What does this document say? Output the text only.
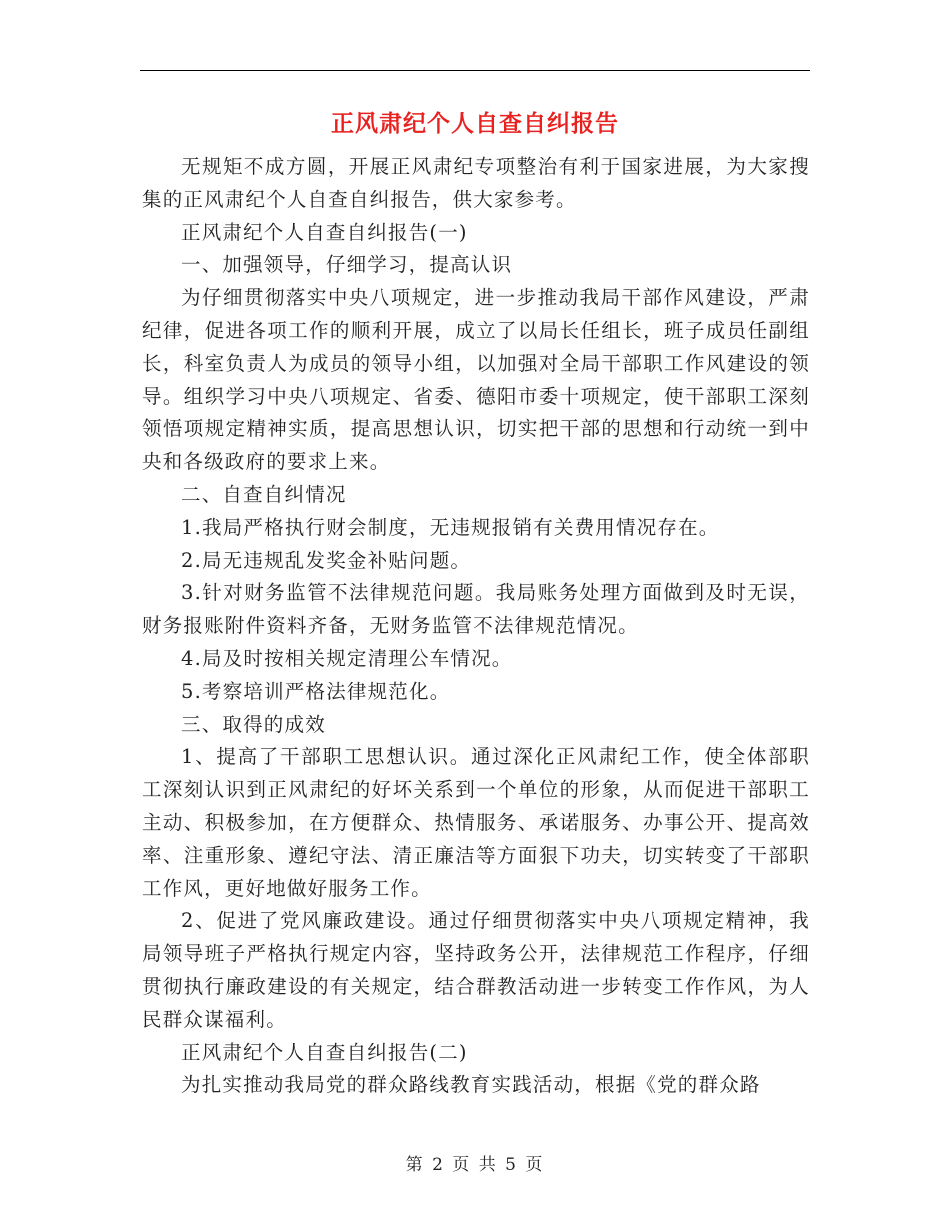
正风肃纪个人自查自纠报告

无规矩不成方圆，开展正风肃纪专项整治有利于国家进展，为大家搜集的正风肃纪个人自查自纠报告，供大家参考。

正风肃纪个人自查自纠报告(一)

一、加强领导，仔细学习，提高认识

为仔细贯彻落实中央八项规定，进一步推动我局干部作风建设，严肃纪律，促进各项工作的顺利开展，成立了以局长任组长，班子成员任副组长，科室负责人为成员的领导小组，以加强对全局干部职工作风建设的领导。组织学习中央八项规定、省委、德阳市委十项规定，使干部职工深刻领悟项规定精神实质，提高思想认识，切实把干部的思想和行动统一到中央和各级政府的要求上来。

二、自查自纠情况

1.我局严格执行财会制度，无违规报销有关费用情况存在。

2.局无违规乱发奖金补贴问题。

3.针对财务监管不法律规范问题。我局账务处理方面做到及时无误，财务报账附件资料齐备，无财务监管不法律规范情况。

4.局及时按相关规定清理公车情况。

5.考察培训严格法律规范化。

三、取得的成效

1、提高了干部职工思想认识。通过深化正风肃纪工作，使全体部职工深刻认识到正风肃纪的好坏关系到一个单位的形象，从而促进干部职工主动、积极参加，在方便群众、热情服务、承诺服务、办事公开、提高效率、注重形象、遵纪守法、清正廉洁等方面狠下功夫，切实转变了干部职工作风，更好地做好服务工作。

2、促进了党风廉政建设。通过仔细贯彻落实中央八项规定精神，我局领导班子严格执行规定内容，坚持政务公开，法律规范工作程序，仔细贯彻执行廉政建设的有关规定，结合群教活动进一步转变工作作风，为人民群众谋福利。

正风肃纪个人自查自纠报告(二)

为扎实推动我局党的群众路线教育实践活动，根据《党的群众路

第 2 页 共 5 页
